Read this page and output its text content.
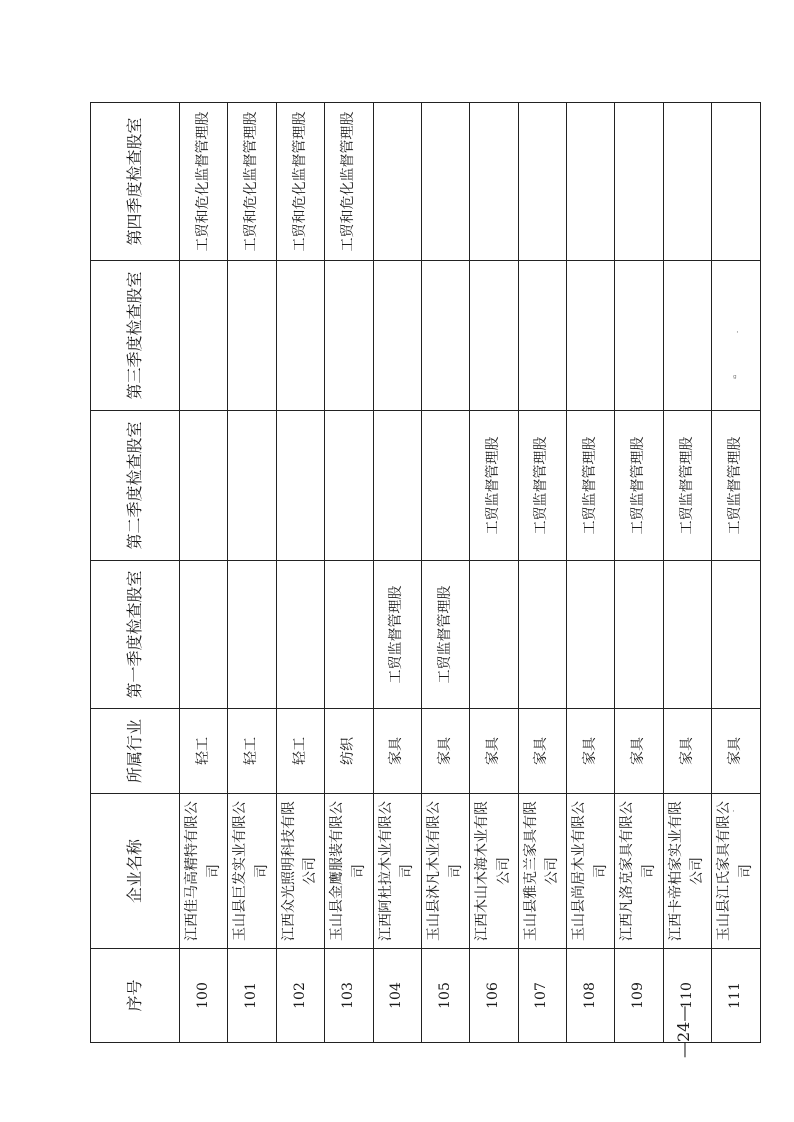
序号	企业名称	所属行业	第一季度检查股室	第二季度检查股室	第三季度检查股室	第四季度检查股室
100	江西佳马高精特有限公司	轻工				工贸和危化监督管理股
101	玉山县巨发实业有限公司	轻工				工贸和危化监督管理股
102	江西众光照明科技有限公司	轻工				工贸和危化监督管理股
103	玉山县金鹰服装有限公司	纺织				工贸和危化监督管理股
104	江西阿杜拉木业有限公司	家具	工贸监督管理股			
105	玉山县沐凡木业有限公司	家具	工贸监督管理股			
106	江西木山木海木业有限公司	家具		工贸监督管理股		
107	玉山县雅克兰家具有限公司	家具		工贸监督管理股		
108	玉山县尚居木业有限公司	家具		工贸监督管理股		
109	江西凡洛克家具有限公司	家具		工贸监督管理股		
110	江西卡帝柏家实业有限公司	家具		工贸监督管理股		
111	玉山县江氏家具有限公司	家具		工贸监督管理股		
—24—
ᵍ
·
·
